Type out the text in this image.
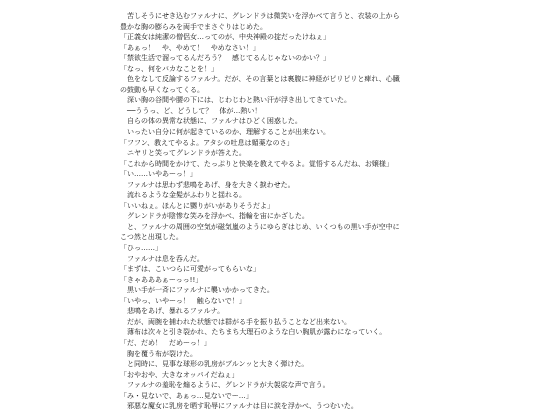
　苦しそうにせき込むファルナに、グレンドラは微笑いを浮かべて言うと、衣装の上から
豊かな胸の膨らみを両手でまさぐりはじめた。
「正義女は純潔の僧侶女…ってのが、中央神殿の掟だったけねぇ」
「あぁっ！　や、やめて！　やめなさい！」
「禁欲生活で溜ってるんだろう？　感じてるんじゃないのかい？」
「なっ、何をバカなことを！」
　色をなして反論するファルナ。だが、その言葉とは裏腹に神経がピリピリと痺れ、心臓
の鼓動も早くなってくる。
　深い胸の谷間や腰の下には、じわじわと熱い汗が浮き出してきていた。
　──ううっ、ど、どうして？　体が…熱い！
　自らの体の異常な状態に、ファルナはひどく困惑した。
　いったい自分に何が起きているのか、理解することが出来ない。
「フフン、教えてやるよ。アタシの吐息は媚薬なのさ」
　ニヤリと笑ってグレンドラが答えた。
「これから時間をかけて、たっぷりと快楽を教えてやるよ。覚悟するんだね、お嬢様」
「い……いやあーっ！」
　ファルナは思わず悲鳴をあげ、身を大きく捩わせた。
　流れるような金髪がふわりと揺れる。
「いいねぇ。ほんとに嬲りがいがありそうだよ」
　グレンドラが陰惨な笑みを浮かべ、指輪を宙にかざした。
　と、ファルナの周囲の空気が磁気嵐のようにゆらぎはじめ、いくつもの黒い手が空中に
こつ然と出現した。
「ひっ……」
　ファルナは息を呑んだ。
「まずは、こいつらに可愛がってもらいな」
「きゃあああぁーっっ!!」
　黒い手が一斉にファルナに襲いかかってきた。
「いやっ、いやーっ！　触らないで！」
　悲鳴をあげ、暴れるファルナ。
　だが、両腕を捕われた状態では群がる手を振り払うことなど出来ない。
　薄布は次々と引き裂かれ、たちまち大理石のような白い胸肌が露わになっていく。
「だ、だめ！　だめーっ！」
　胸を覆う布が裂けた。
　と同時に、見事な球形の乳房がブルンッと大きく弾けた。
「おやおや、大きなオッパイだねぇ」
　ファルナの羞恥を煽るように、グレンドラが大袈裟な声で言う。
「み・見ないで、あぁっ…見ないでー…」
　邪悪な魔女に乳房を晒す恥辱にファルナは目に涙を浮かべ、うつむいた。
